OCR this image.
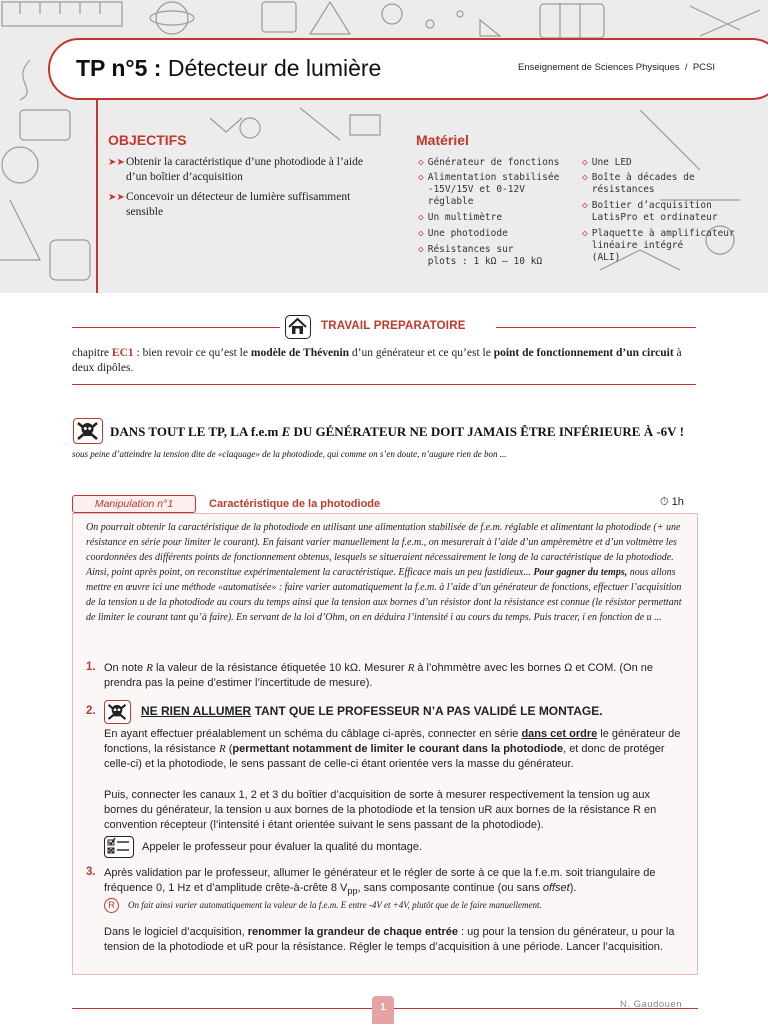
TP n°5 : Détecteur de lumière	Enseignement de Sciences Physiques / PCSI
OBJECTIFS
➤➤ Obtenir la caractéristique d’une photodiode à l’aide d’un boîtier d’acquisition
➤➤ Concevoir un détecteur de lumière suffisamment sensible
Matériel
◇ Générateur de fonctions
◇ Alimentation stabilisée
-15V/15V et 0-12V
réglable
◇ Un multimètre
◇ Une photodiode
◇ Résistances sur
plots : 1 kΩ – 10 kΩ
◇ Une LED
◇ Boîte à décades de
résistances
◇ Boîtier d’acquisition
LatisPro et ordinateur
◇ Plaquette à amplificateur
linéaire intégré
(ALI)
TRAVAIL PREPARATOIRE
chapitre EC1 : bien revoir ce qu’est le modèle de Thévenin d’un générateur et ce qu’est le point de fonctionnement d’un circuit à deux dipôles.
DANS TOUT LE TP, LA f.e.m E DU GÉNÉRATEUR NE DOIT JAMAIS ÊTRE INFÉRIEURE À -6V ! sous peine d’atteindre la tension dite de «claquage» de la photodiode, qui comme on s’en doute, n’augure rien de bon ...
Manipulation n°1	Caractéristique de la photodiode	⏱ 1h
On pourrait obtenir la caractéristique de la photodiode en utilisant une alimentation stabilisée de f.e.m. réglable et alimentant la photodiode (+ une résistance en série pour limiter le courant). En faisant varier manuellement la f.e.m., on mesurerait à l’aide d’un ampèremètre et d’un voltmètre les coordonnées des différents points de fonctionnement obtenus, lesquels se situeraient nécessairement le long de la caractéristique de la photodiode. Ainsi, point après point, on reconstitue expérimentalement la caractéristique. Efficace mais un peu fastidieux... Pour gagner du temps, nous allons mettre en œuvre ici une méthode «automatisée» : faire varier automatiquement la f.e.m. à l’aide d’un générateur de fonctions, effectuer l’acquisition de la tension u de la photodiode au cours du temps ainsi que la tension aux bornes d’un résistor dont la résistance est connue (le résistor permettant de limiter le courant tant qu’à faire). En servant de la loi d’Ohm, on en déduira l’intensité i au cours du temps. Puis tracer, i en fonction de u ...
1. On note R la valeur de la résistance étiquetée 10 kΩ. Mesurer R à l’ohmmètre avec les bornes Ω et COM. (On ne prendra pas la peine d’estimer l’incertitude de mesure).
2.	NE RIEN ALLUMER TANT QUE LE PROFESSEUR N’A PAS VALIDÉ LE MONTAGE.
En ayant effectuer préalablement un schéma du câblage ci-après, connecter en série dans cet ordre le générateur de fonctions, la résistance R (permettant notamment de limiter le courant dans la photodiode, et donc de protéger celle-ci) et la photodiode, le sens passant de celle-ci étant orientée vers la masse du générateur.
Puis, connecter les canaux 1, 2 et 3 du boîtier d’acquisition de sorte à mesurer respectivement la tension ug aux bornes du générateur, la tension u aux bornes de la photodiode et la tension uR aux bornes de la résistance R en convention récepteur (l’intensité i étant orientée suivant le sens passant de la photodiode).
Appeler le professeur pour évaluer la qualité du montage.
3. Après validation par le professeur, allumer le générateur et le régler de sorte à ce que la f.e.m. soit triangulaire de fréquence 0, 1 Hz et d’amplitude crête-à-crête 8 $V_{pp}$, sans composante continue (ou sans offset).
R	On fait ainsi varier automatiquement la valeur de la f.e.m. E entre -4V et +4V, plutôt que de le faire manuellement.
Dans le logiciel d’acquisition, renommer la grandeur de chaque entrée : ug pour la tension du générateur, u pour la tension de la photodiode et uR pour la résistance. Régler le temps d’acquisition à une période. Lancer l’acquisition.
1	N. Gaudouen
